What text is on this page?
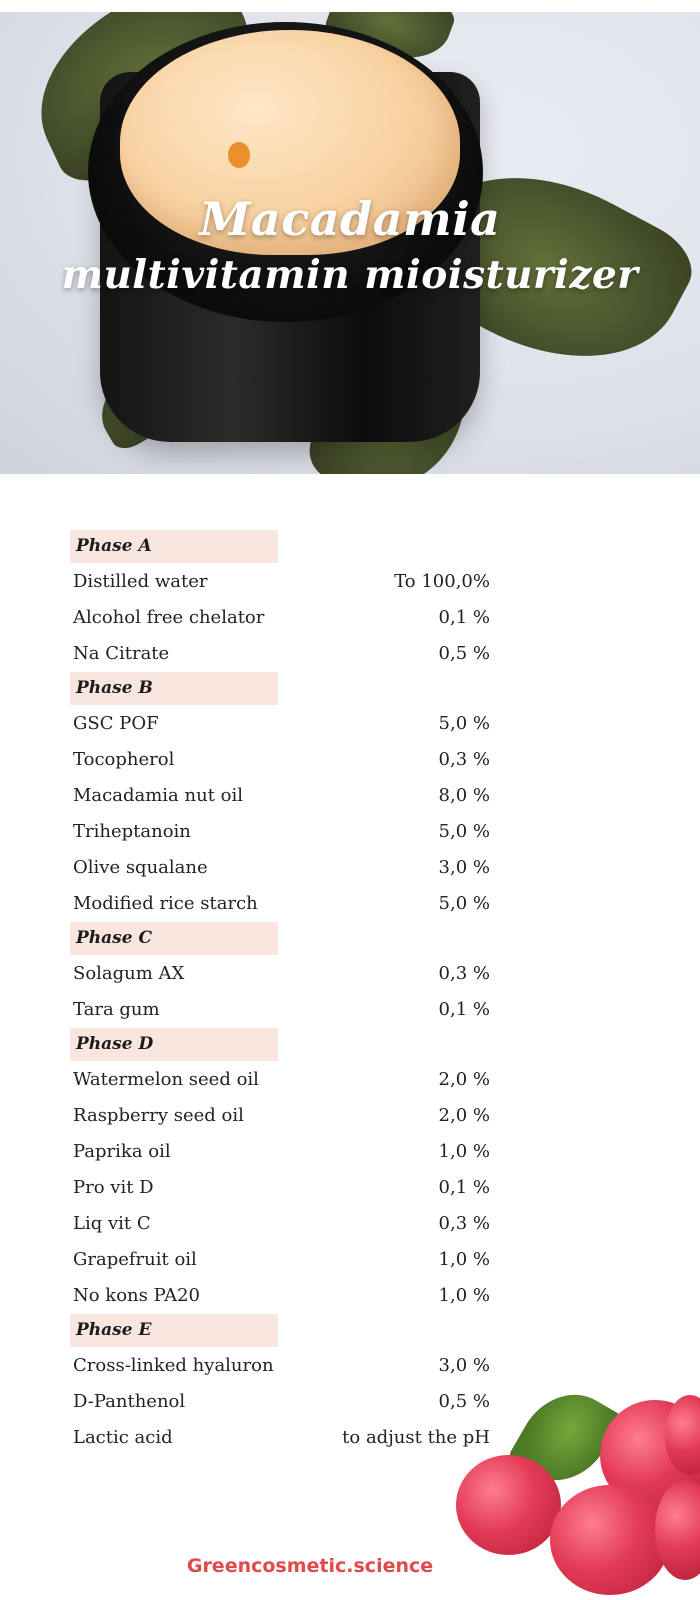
Macadamia
multivitamin mioisturizer
Phase A
Distilled water	To 100,0%
Alcohol free chelator	0,1 %
Na Citrate	0,5 %
Phase B
GSC POF	5,0 %
Tocopherol	0,3 %
Macadamia nut oil	8,0 %
Triheptanoin	5,0 %
Olive squalane	3,0 %
Modified rice starch	5,0 %
Phase C
Solagum AX	0,3 %
Tara gum	0,1 %
Phase D
Watermelon seed oil	2,0 %
Raspberry seed oil	2,0 %
Paprika oil	1,0 %
Pro vit D	0,1 %
Liq vit C	0,3 %
Grapefruit oil	1,0 %
No kons PA20	1,0 %
Phase E
Cross-linked hyaluron	3,0 %
D-Panthenol	0,5 %
Lactic acid	to adjust the pH
Greencosmetic.science
